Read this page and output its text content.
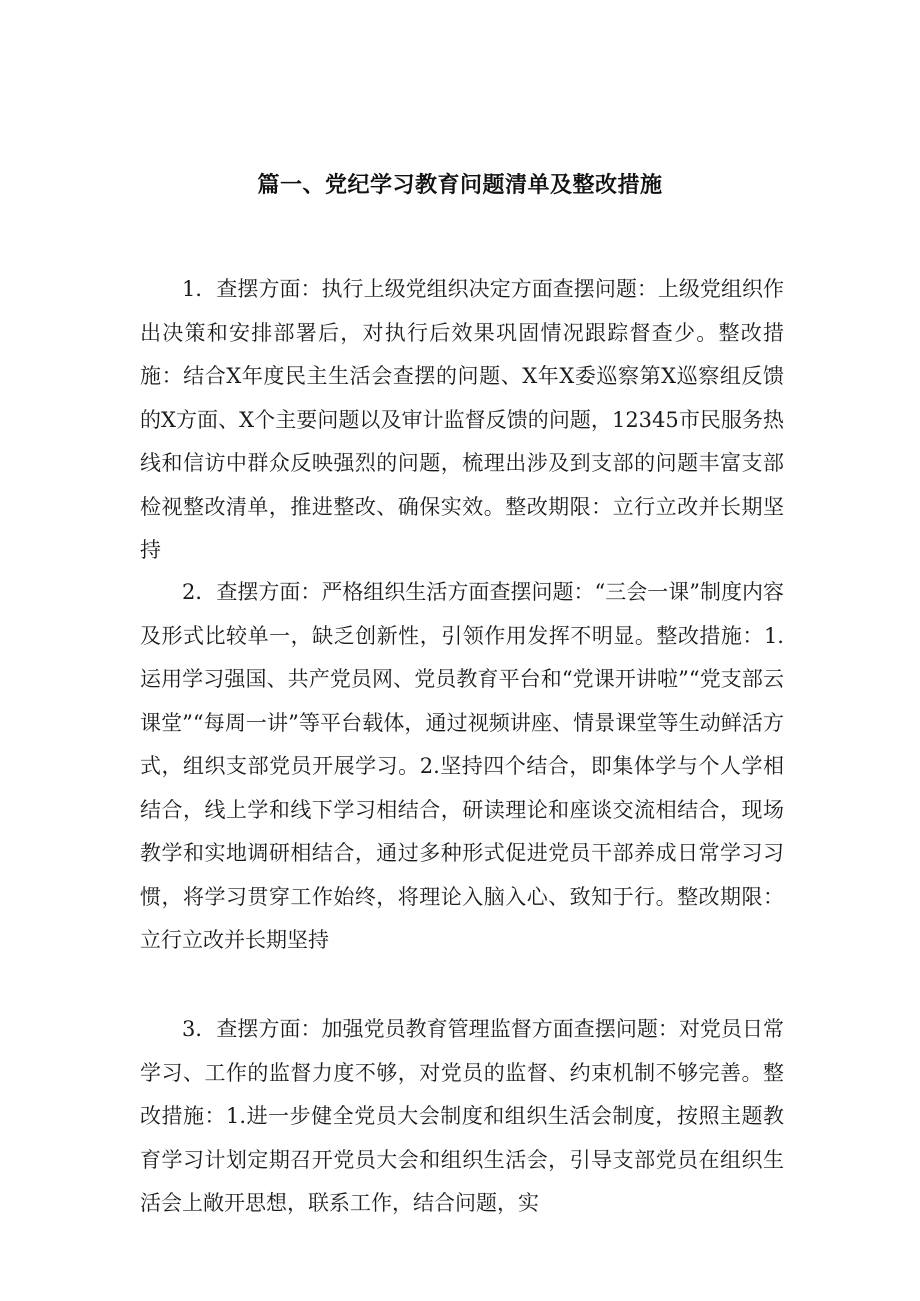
篇一、党纪学习教育问题清单及整改措施

1．查摆方面：执行上级党组织决定方面查摆问题：上级党组织作出决策和安排部署后，对执行后效果巩固情况跟踪督查少。整改措施：结合X年度民主生活会查摆的问题、X年X委巡察第X巡察组反馈的X方面、X个主要问题以及审计监督反馈的问题，12345市民服务热线和信访中群众反映强烈的问题，梳理出涉及到支部的问题丰富支部检视整改清单，推进整改、确保实效。整改期限：立行立改并长期坚持

2．查摆方面：严格组织生活方面查摆问题：“三会一课”制度内容及形式比较单一，缺乏创新性，引领作用发挥不明显。整改措施：1.运用学习强国、共产党员网、党员教育平台和“党课开讲啦”“党支部云课堂”“每周一讲”等平台载体，通过视频讲座、情景课堂等生动鲜活方式，组织支部党员开展学习。2.坚持四个结合，即集体学与个人学相结合，线上学和线下学习相结合，研读理论和座谈交流相结合，现场教学和实地调研相结合，通过多种形式促进党员干部养成日常学习习惯，将学习贯穿工作始终，将理论入脑入心、致知于行。整改期限：立行立改并长期坚持

3．查摆方面：加强党员教育管理监督方面查摆问题：对党员日常学习、工作的监督力度不够，对党员的监督、约束机制不够完善。整改措施：1.进一步健全党员大会制度和组织生活会制度，按照主题教育学习计划定期召开党员大会和组织生活会，引导支部党员在组织生活会上敞开思想，联系工作，结合问题，实
